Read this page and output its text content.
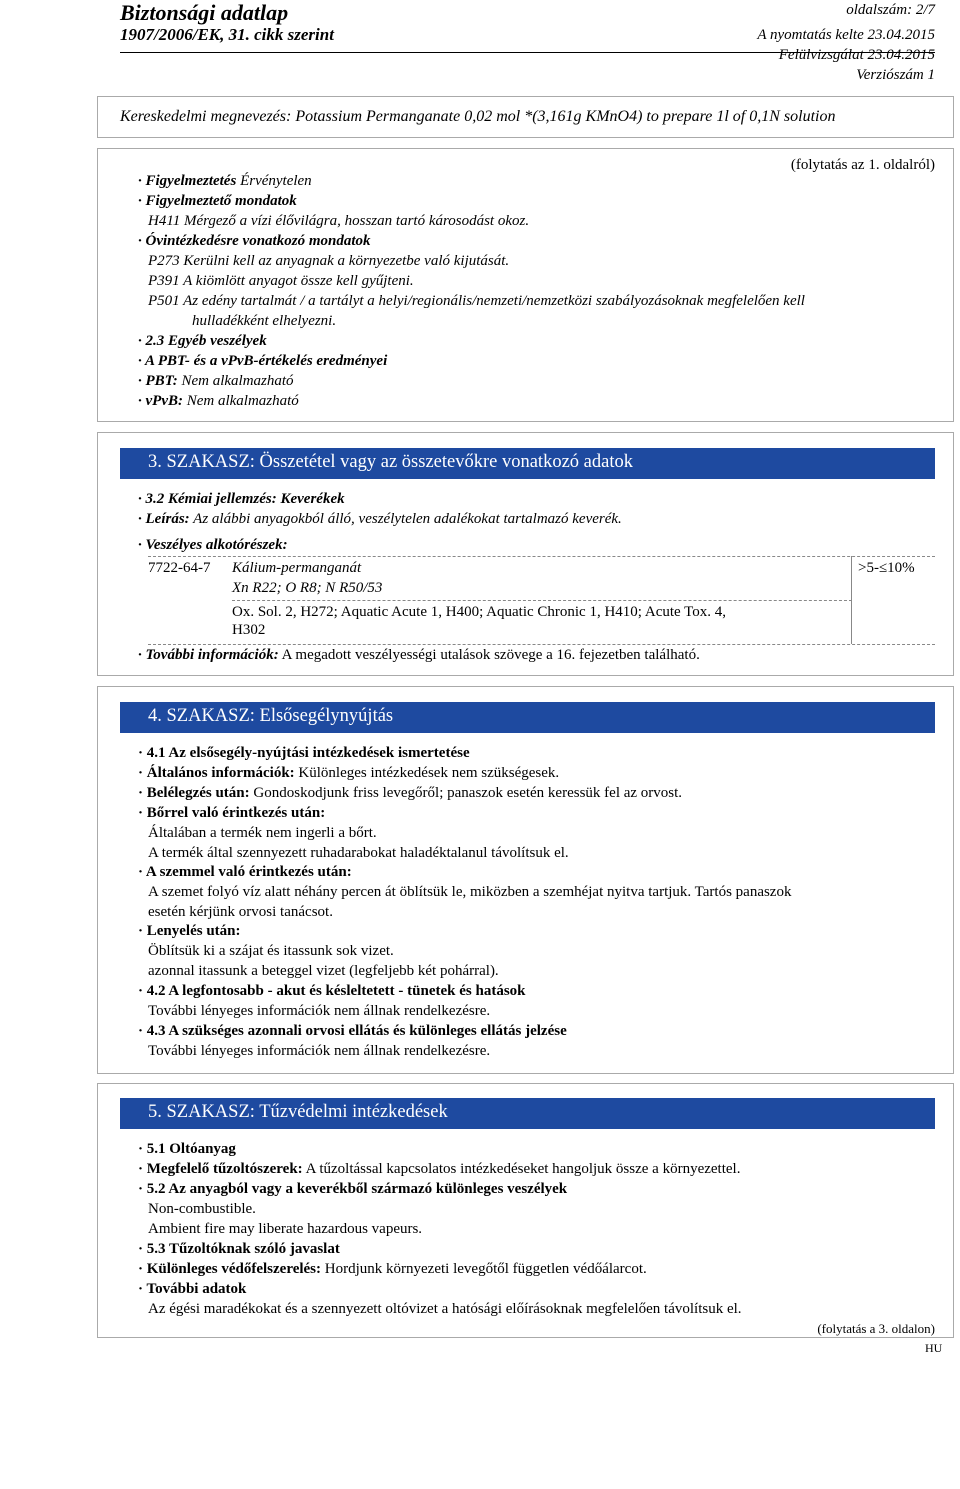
Biztonsági adatlap
1907/2006/EK, 31. cikk szerint
oldalszám: 2/7
A nyomtatás kelte 23.04.2015
Felülvizsgálat 23.04.2015
Verziószám 1
Kereskedelmi megnevezés: Potassium Permanganate 0,02 mol *(3,161g KMnO4) to prepare 1l of 0,1N solution
(folytatás az 1. oldalról)
· Figyelmeztetés Érvénytelen
· Figyelmeztető mondatok
H411 Mérgező a vízi élővilágra, hosszan tartó károsodást okoz.
· Óvintézkedésre vonatkozó mondatok
P273 Kerülni kell az anyagnak a környezetbe való kijutását.
P391 A kiömlött anyagot össze kell gyűjteni.
P501 Az edény tartalmát / a tartályt a helyi/regionális/nemzeti/nemzetközi szabályozásoknak megfelelően kell
hulladékként elhelyezni.
· 2.3 Egyéb veszélyek
· A PBT- és a vPvB-értékelés eredményei
· PBT: Nem alkalmazható
· vPvB: Nem alkalmazható
3. SZAKASZ: Összetétel vagy az összetevőkre vonatkozó adatok
· 3.2 Kémiai jellemzés: Keverékek
· Leírás: Az alábbi anyagokból álló, veszélytelen adalékokat tartalmazó keverék.
· Veszélyes alkotórészek:
7722-64-7 Kálium-permanganát
Xn R22; O R8; N R50/53
Ox. Sol. 2, H272; Aquatic Acute 1, H400; Aquatic Chronic 1, H410; Acute Tox. 4,
H302
>5-≤10%
· További információk: A megadott veszélyességi utalások szövege a 16. fejezetben található.
4. SZAKASZ: Elsősegélynyújtás
· 4.1 Az elsősegély-nyújtási intézkedések ismertetése
· Általános információk: Különleges intézkedések nem szükségesek.
· Belélegzés után: Gondoskodjunk friss levegőről; panaszok esetén keressük fel az orvost.
· Bőrrel való érintkezés után:
Általában a termék nem ingerli a bőrt.
A termék által szennyezett ruhadarabokat haladéktalanul távolítsuk el.
· A szemmel való érintkezés után:
A szemet folyó víz alatt néhány percen át öblítsük le, miközben a szemhéjat nyitva tartjuk. Tartós panaszok
esetén kérjünk orvosi tanácsot.
· Lenyelés után:
Öblítsük ki a szájat és itassunk sok vizet.
azonnal itassunk a beteggel vizet (legfeljebb két pohárral).
· 4.2 A legfontosabb - akut és késleltetett - tünetek és hatások
További lényeges információk nem állnak rendelkezésre.
· 4.3 A szükséges azonnali orvosi ellátás és különleges ellátás jelzése
További lényeges információk nem állnak rendelkezésre.
5. SZAKASZ: Tűzvédelmi intézkedések
· 5.1 Oltóanyag
· Megfelelő tűzoltószerek: A tűzoltással kapcsolatos intézkedéseket hangoljuk össze a környezettel.
· 5.2 Az anyagból vagy a keverékből származó különleges veszélyek
Non-combustible.
Ambient fire may liberate hazardous vapeurs.
· 5.3 Tűzoltóknak szóló javaslat
· Különleges védőfelszerelés: Hordjunk környezeti levegőtől független védőálarcot.
· További adatok
Az égési maradékokat és a szennyezett oltóvizet a hatósági előírásoknak megfelelően távolítsuk el.
(folytatás a 3. oldalon)
HU
